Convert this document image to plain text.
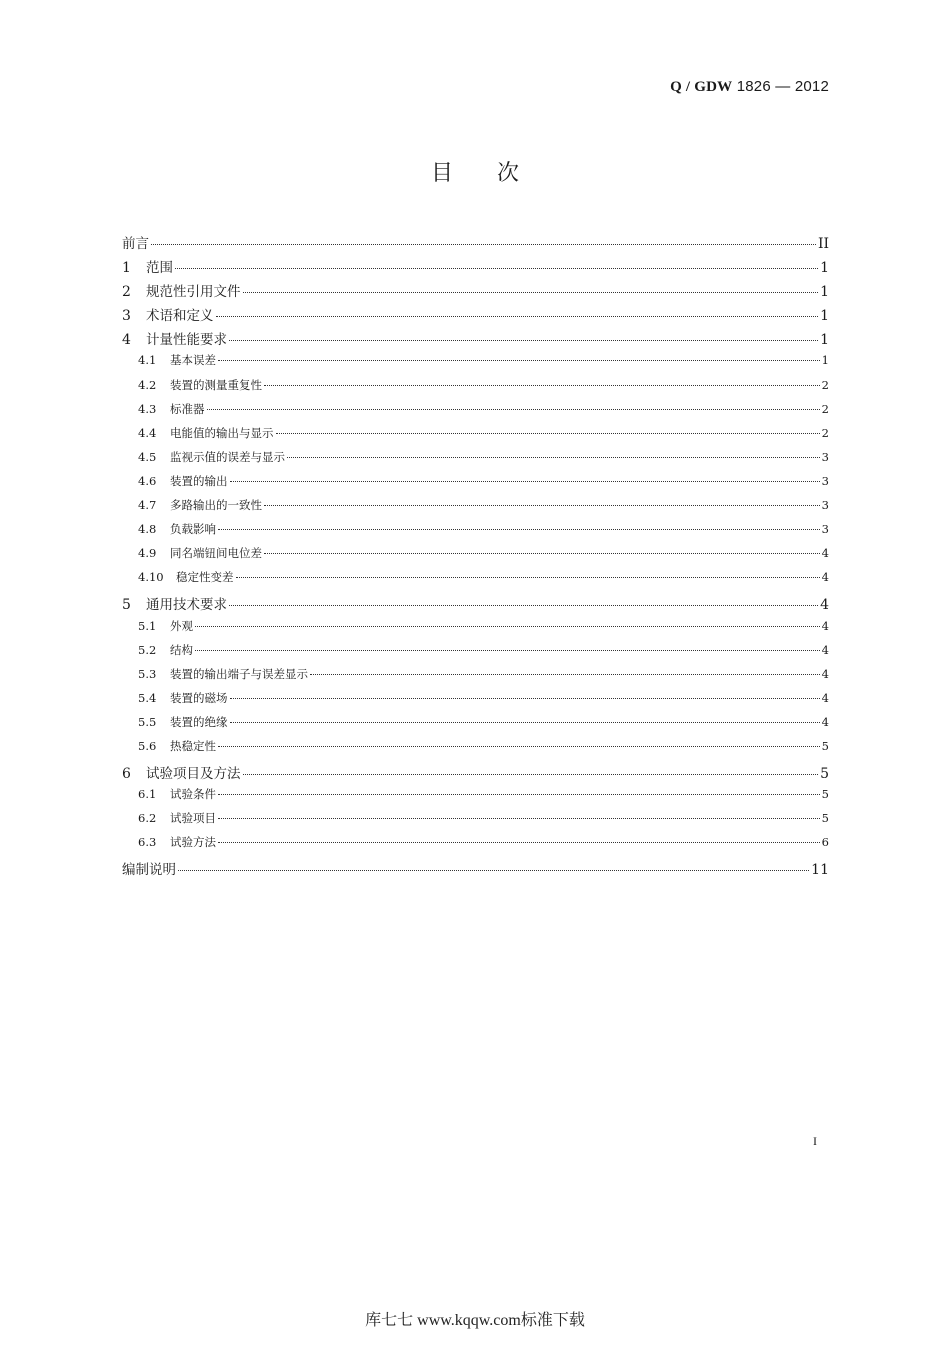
Q / GDW 1826 — 2012
目次
前言	II
1	范围	1
2	规范性引用文件	1
3	术语和定义	1
4	计量性能要求	1
4.1	基本误差	1
4.2	装置的测量重复性	2
4.3	标准器	2
4.4	电能值的输出与显示	2
4.5	监视示值的误差与显示	3
4.6	装置的输出	3
4.7	多路输出的一致性	3
4.8	负载影响	3
4.9	同名端钮间电位差	4
4.10	稳定性变差	4
5	通用技术要求	4
5.1	外观	4
5.2	结构	4
5.3	装置的输出端子与误差显示	4
5.4	装置的磁场	4
5.5	装置的绝缘	4
5.6	热稳定性	5
6	试验项目及方法	5
6.1	试验条件	5
6.2	试验项目	5
6.3	试验方法	6
编制说明	11
I
库七七 www.kqqw.com标准下载
